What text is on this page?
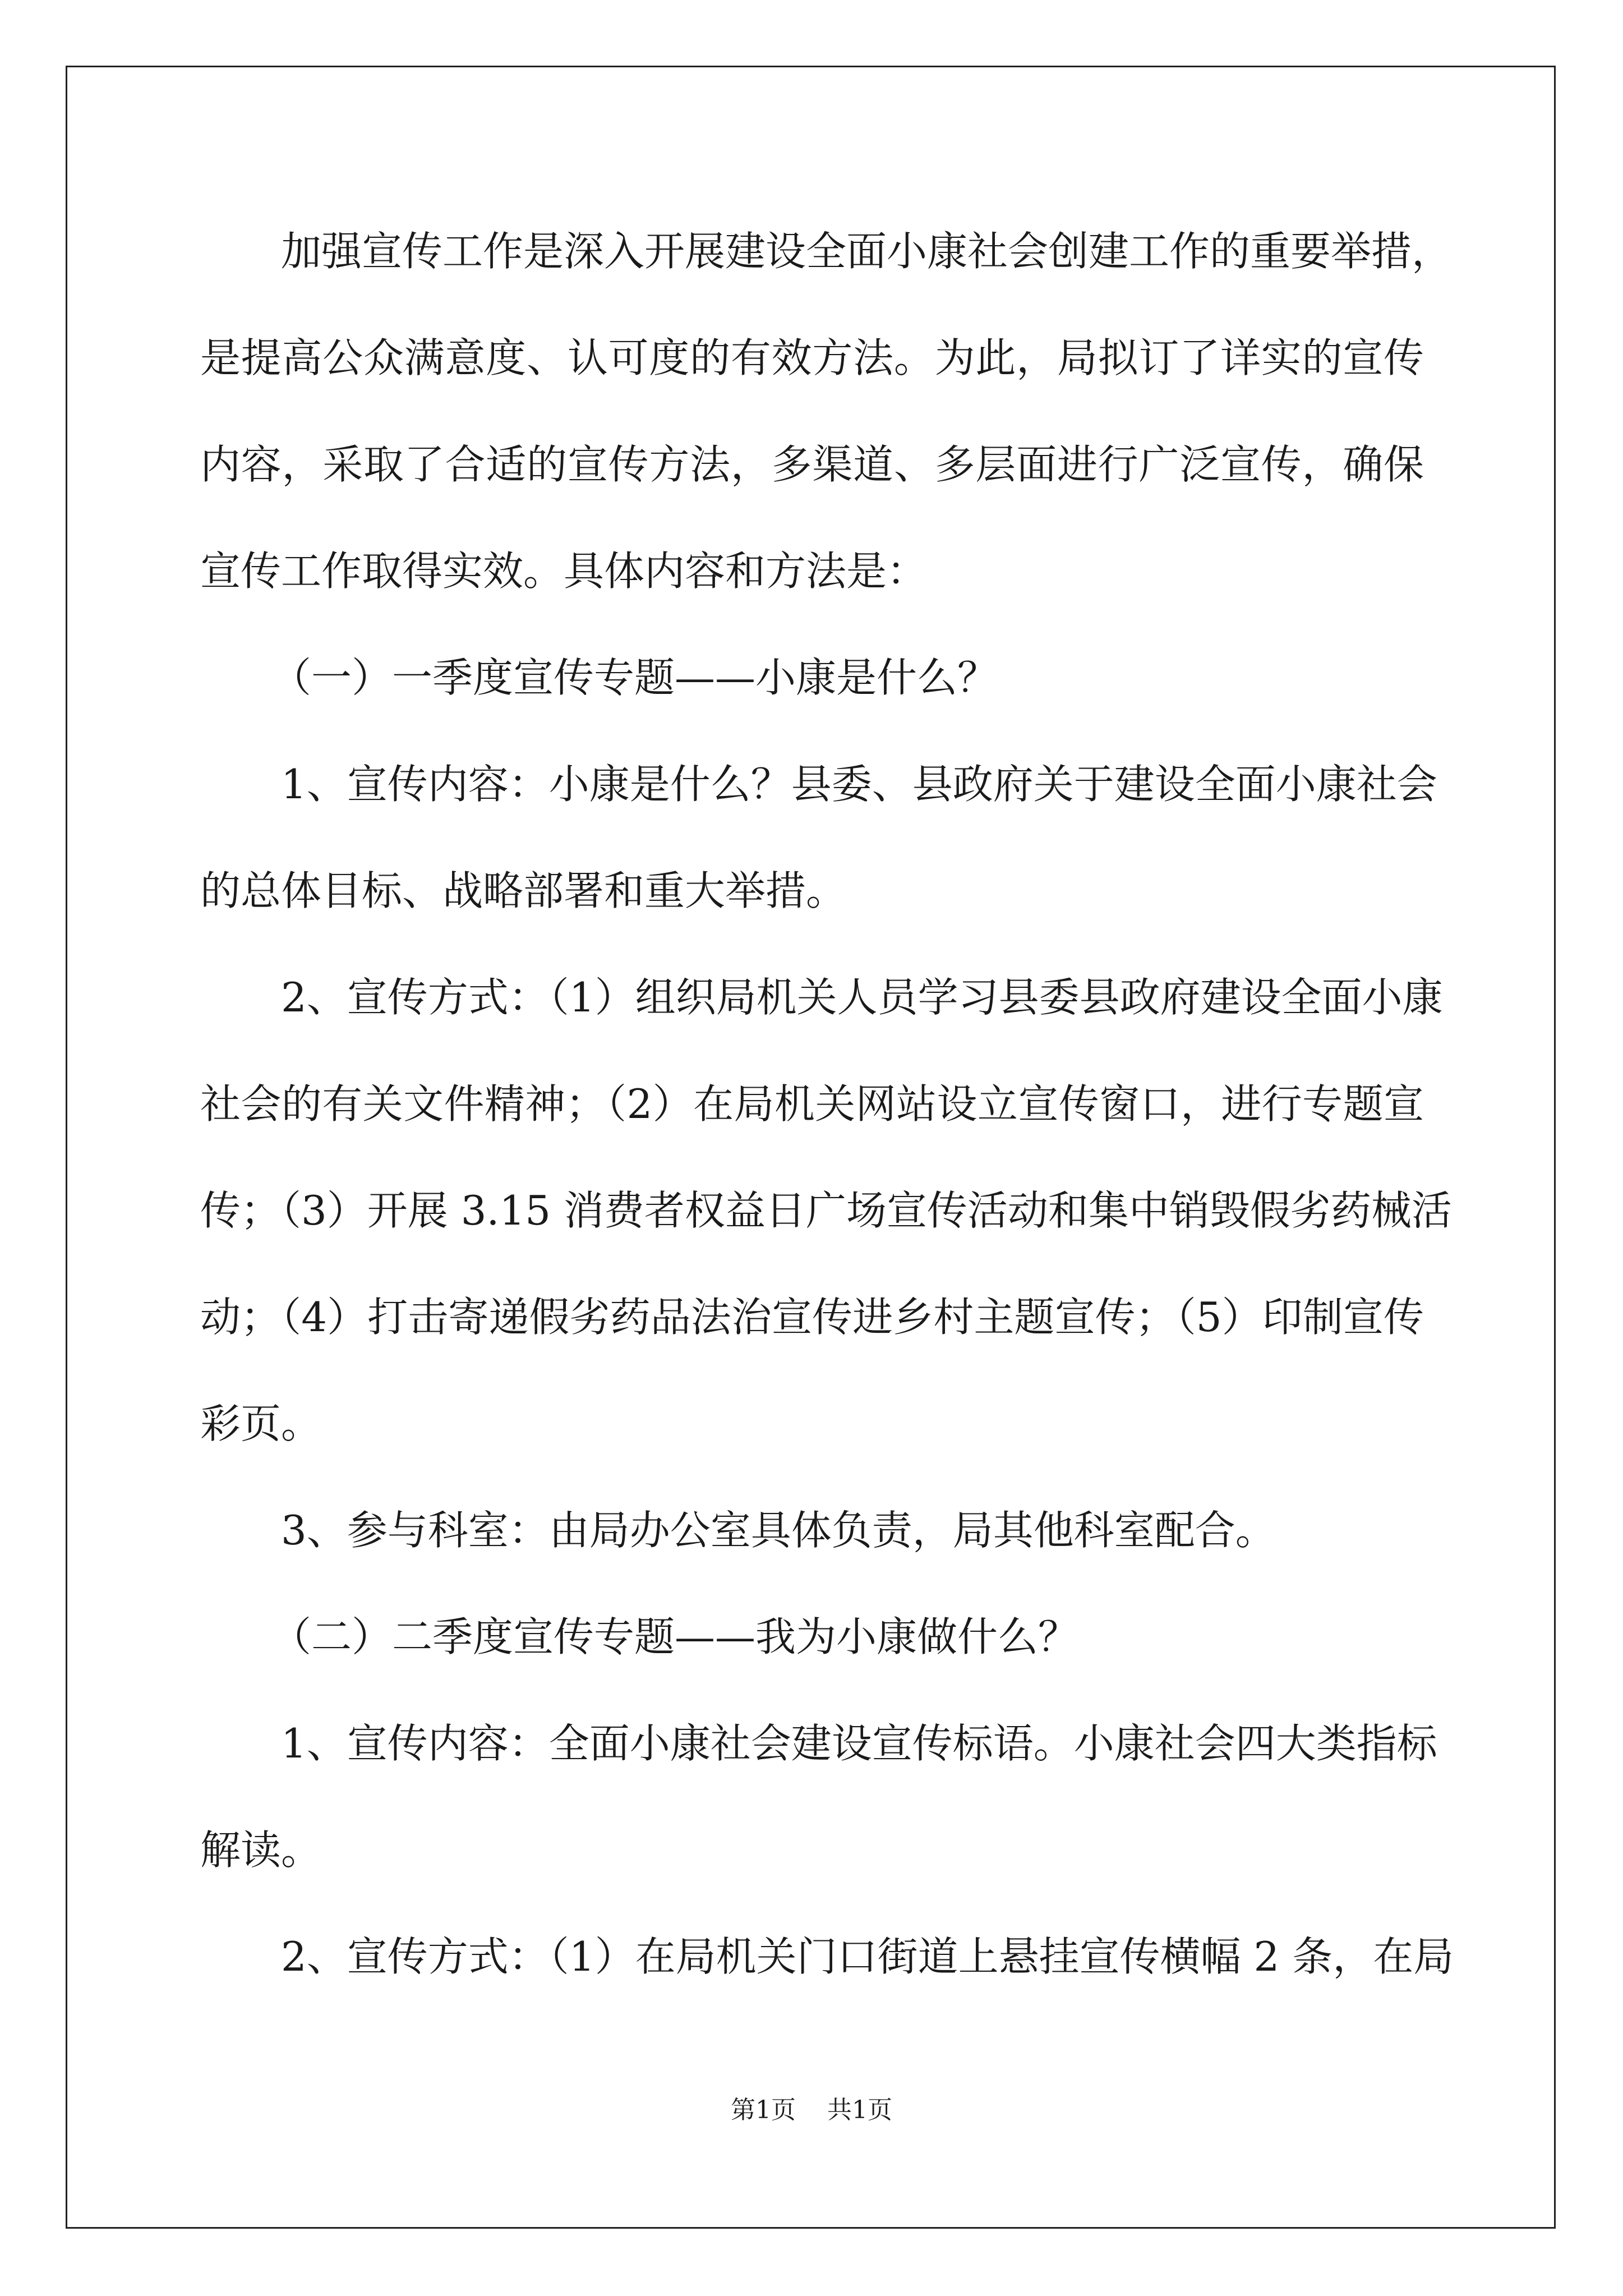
加强宣传工作是深入开展建设全面小康社会创建工作的重要举措，
是提高公众满意度、认可度的有效方法。为此，局拟订了详实的宣传
内容，采取了合适的宣传方法，多渠道、多层面进行广泛宣传，确保
宣传工作取得实效。具体内容和方法是：
（一）一季度宣传专题——小康是什么？
1、宣传内容：小康是什么？县委、县政府关于建设全面小康社会
的总体目标、战略部署和重大举措。
2、宣传方式：（1）组织局机关人员学习县委县政府建设全面小康
社会的有关文件精神；（2）在局机关网站设立宣传窗口，进行专题宣
传；（3）开展 3.15 消费者权益日广场宣传活动和集中销毁假劣药械活
动；（4）打击寄递假劣药品法治宣传进乡村主题宣传；（5）印制宣传
彩页。
3、参与科室：由局办公室具体负责，局其他科室配合。
（二）二季度宣传专题——我为小康做什么？
1、宣传内容：全面小康社会建设宣传标语。小康社会四大类指标
解读。
2、宣传方式：（1）在局机关门口街道上悬挂宣传横幅 2 条，在局
第1页 共1页
